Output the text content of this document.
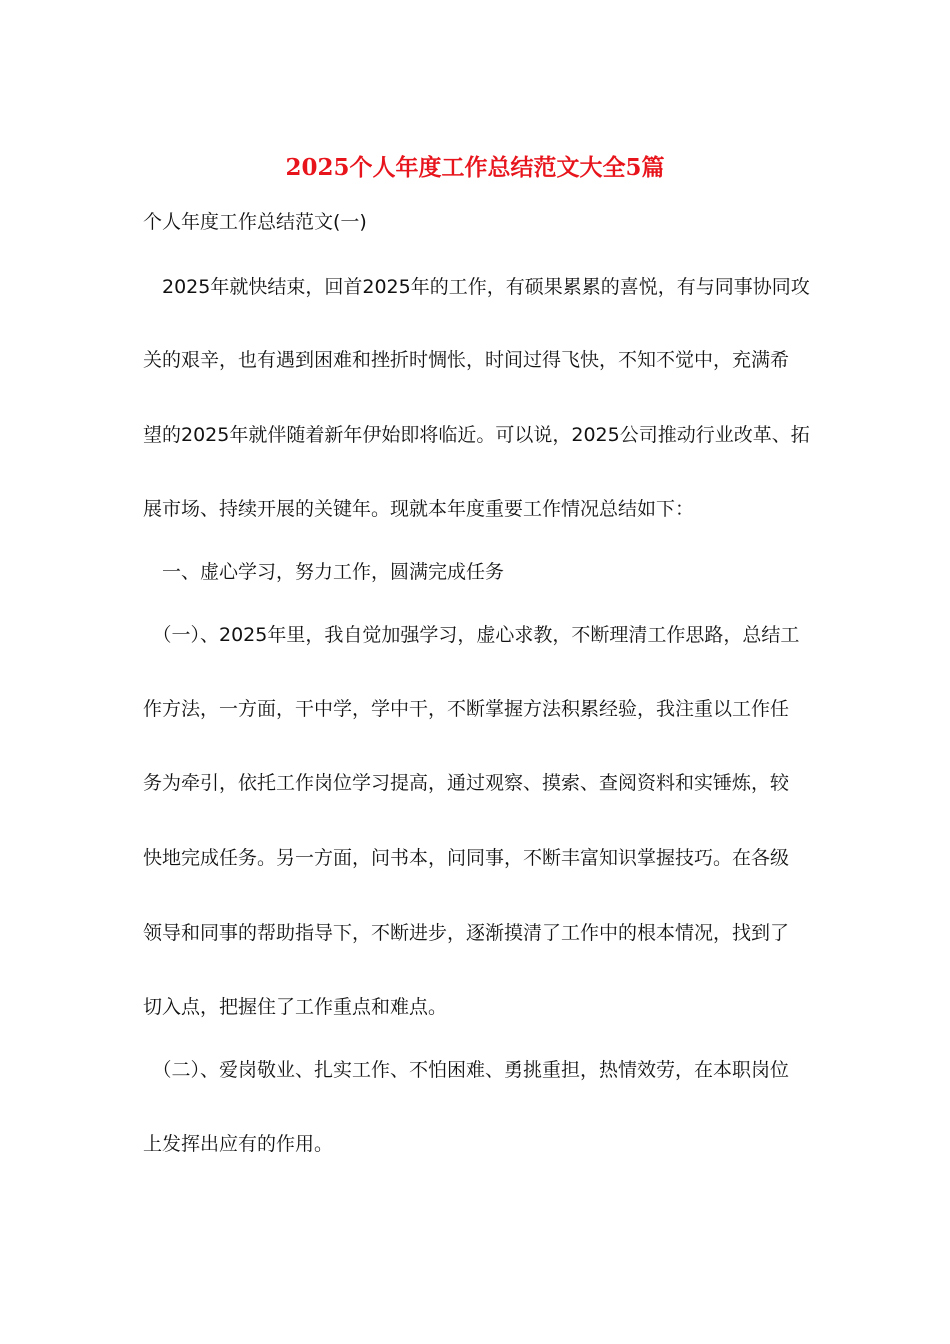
2025个人年度工作总结范文大全5篇
个人年度工作总结范文(一)
　2025年就快结束，回首2025年的工作，有硕果累累的喜悦，有与同事协同攻
关的艰辛，也有遇到困难和挫折时惆怅，时间过得飞快，不知不觉中，充满希
望的2025年就伴随着新年伊始即将临近。可以说，2025公司推动行业改革、拓
展市场、持续开展的关键年。现就本年度重要工作情况总结如下：
　一、虚心学习，努力工作，圆满完成任务
　（一）、2025年里，我自觉加强学习，虚心求教，不断理清工作思路，总结工
作方法，一方面，干中学，学中干，不断掌握方法积累经验，我注重以工作任
务为牵引，依托工作岗位学习提高，通过观察、摸索、查阅资料和实锤炼，较
快地完成任务。另一方面，问书本，问同事，不断丰富知识掌握技巧。在各级
领导和同事的帮助指导下，不断进步，逐渐摸清了工作中的根本情况，找到了
切入点，把握住了工作重点和难点。
　（二）、爱岗敬业、扎实工作、不怕困难、勇挑重担，热情效劳，在本职岗位
上发挥出应有的作用。
